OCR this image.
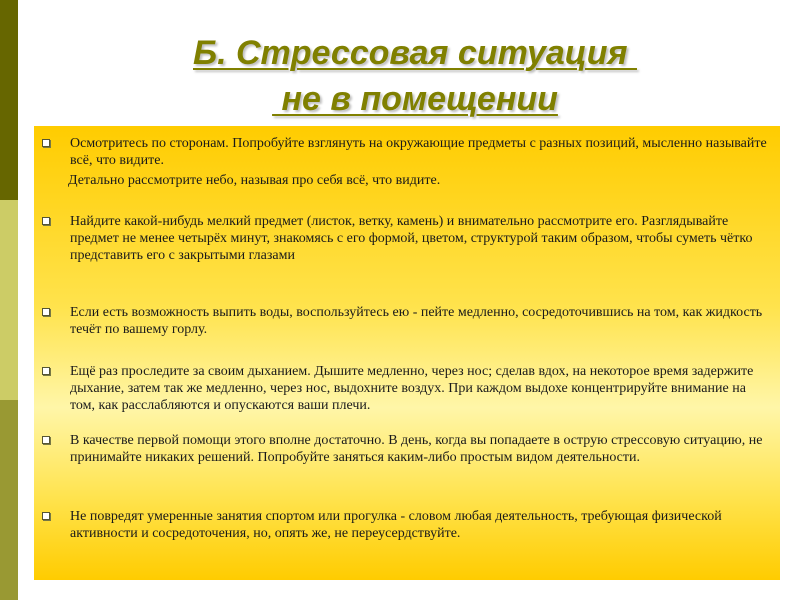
Б. Стрессовая ситуация
не в помещении

Осмотритесь по сторонам. Попробуйте взглянуть на окружающие предметы с разных позиций, мысленно называйте всё, что видите.

Детально рассмотрите небо, называя про себя всё, что видите.

Найдите какой-нибудь мелкий предмет (листок, ветку, камень) и внимательно рассмотрите его. Разглядывайте предмет не менее четырёх минут, знакомясь с его формой, цветом, структурой таким образом, чтобы суметь чётко представить его с закрытыми глазами

Если есть возможность выпить воды, воспользуйтесь ею - пейте медленно, сосредоточившись на том, как жидкость течёт по вашему горлу.

Ещё раз проследите за своим дыханием. Дышите медленно, через нос; сделав вдох, на некоторое время задержите дыхание, затем так же медленно, через нос, выдохните воздух. При каждом выдохе концентрируйте внимание на том, как расслабляются и опускаются ваши плечи.

В качестве первой помощи этого вполне достаточно. В день, когда вы попадаете в острую стрессовую ситуацию, не принимайте никаких решений. Попробуйте заняться каким-либо простым видом деятельности.

Не повредят умеренные занятия спортом или прогулка - словом любая деятельность, требующая физической активности и сосредоточения, но, опять же, не переусердствуйте.
